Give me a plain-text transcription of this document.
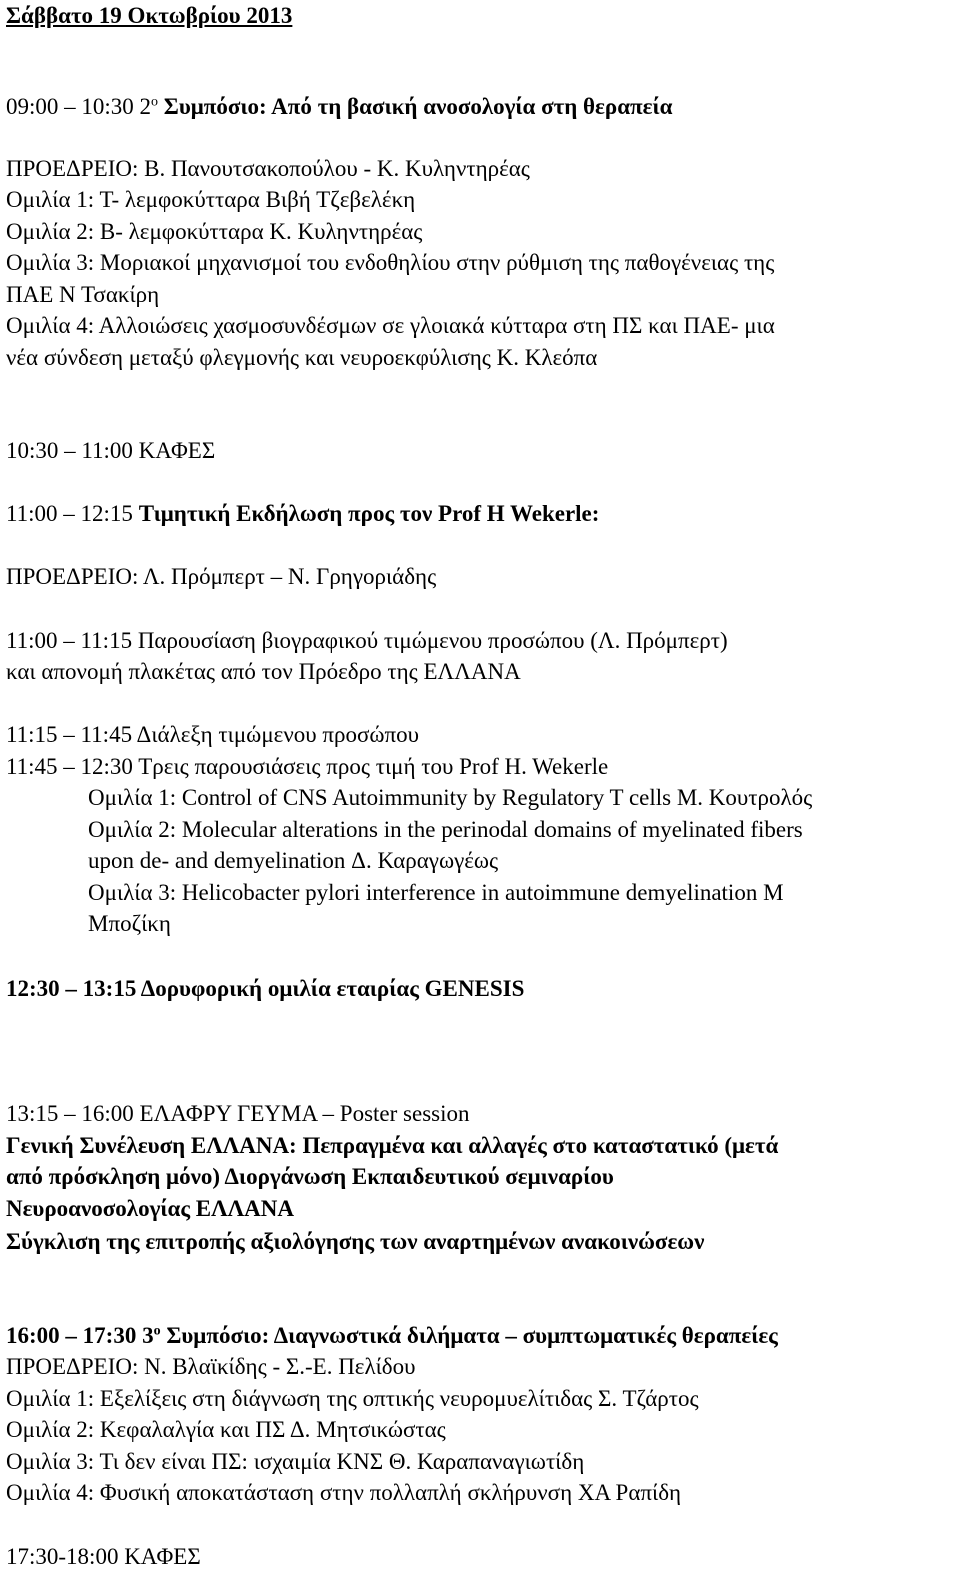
Σάββατο 19 Οκτωβρίου 2013
09:00 – 10:30 $2^o$ Συμπόσιο: Από τη βασική ανοσολογία στη θεραπεία
ΠΡΟΕΔΡΕΙΟ: Β. Πανουτσακοπούλου - Κ. Κυληντηρέας
Ομιλία 1: Τ- λεμφοκύτταρα Βιβή Τζεβελέκη
Ομιλία 2: Β- λεμφοκύτταρα Κ. Κυληντηρέας
Ομιλία 3: Μοριακοί μηχανισμοί του ενδοθηλίου στην ρύθμιση της παθογένειας της
ΠΑΕ Ν Τσακίρη
Ομιλία 4: Αλλοιώσεις χασμοσυνδέσμων σε γλοιακά κύτταρα στη ΠΣ και ΠΑΕ- μια
νέα σύνδεση μεταξύ φλεγμονής και νευροεκφύλισης Κ. Κλεόπα
10:30 – 11:00 ΚΑΦΕΣ
11:00 – 12:15 Τιμητική Εκδήλωση προς τον Prof H Wekerle:
ΠΡΟΕΔΡΕΙΟ: Λ. Πρόμπερτ – Ν. Γρηγοριάδης
11:00 – 11:15 Παρουσίαση βιογραφικού τιμώμενου προσώπου (Λ. Πρόμπερτ)
και απονομή πλακέτας από τον Πρόεδρο της ΕΛΛΑΝΑ
11:15 – 11:45 Διάλεξη τιμώμενου προσώπου
11:45 – 12:30 Τρεις παρουσιάσεις προς τιμή του Prof H. Wekerle
Ομιλία 1: Control of CNS Autoimmunity by Regulatory T cells Μ. Κουτρολός
Ομιλία 2: Molecular alterations in the perinodal domains of myelinated fibers
upon de- and demyelination Δ. Καραγωγέως
Ομιλία 3: Helicobacter pylori interference in autoimmune demyelination Μ
Μποζίκη
12:30 – 13:15 Δορυφορική ομιλία εταιρίας GENESIS
13:15 – 16:00 ΕΛΑΦΡΥ ΓΕΥΜΑ – Poster session
Γενική Συνέλευση ΕΛΛΑΝΑ: Πεπραγμένα και αλλαγές στο καταστατικό (μετά
από πρόσκληση μόνο) Διοργάνωση Εκπαιδευτικού σεμιναρίου
Νευροανοσολογίας ΕΛΛΑΝΑ
Σύγκλιση της επιτροπής αξιολόγησης των αναρτημένων ανακοινώσεων
16:00 – 17:30 $3^o$ Συμπόσιο: Διαγνωστικά διλήματα – συμπτωματικές θεραπείες
ΠΡΟΕΔΡΕΙΟ: Ν. Βλαϊκίδης - Σ.-Ε. Πελίδου
Ομιλία 1: Εξελίξεις στη διάγνωση της οπτικής νευρομυελίτιδας Σ. Τζάρτος
Ομιλία 2: Κεφαλαλγία και ΠΣ Δ. Μητσικώστας
Ομιλία 3: Τι δεν είναι ΠΣ: ισχαιμία ΚΝΣ Θ. Καραπαναγιωτίδη
Ομιλία 4: Φυσική αποκατάσταση στην πολλαπλή σκλήρυνση ΧΑ Ραπίδη
17:30-18:00 ΚΑΦΕΣ
